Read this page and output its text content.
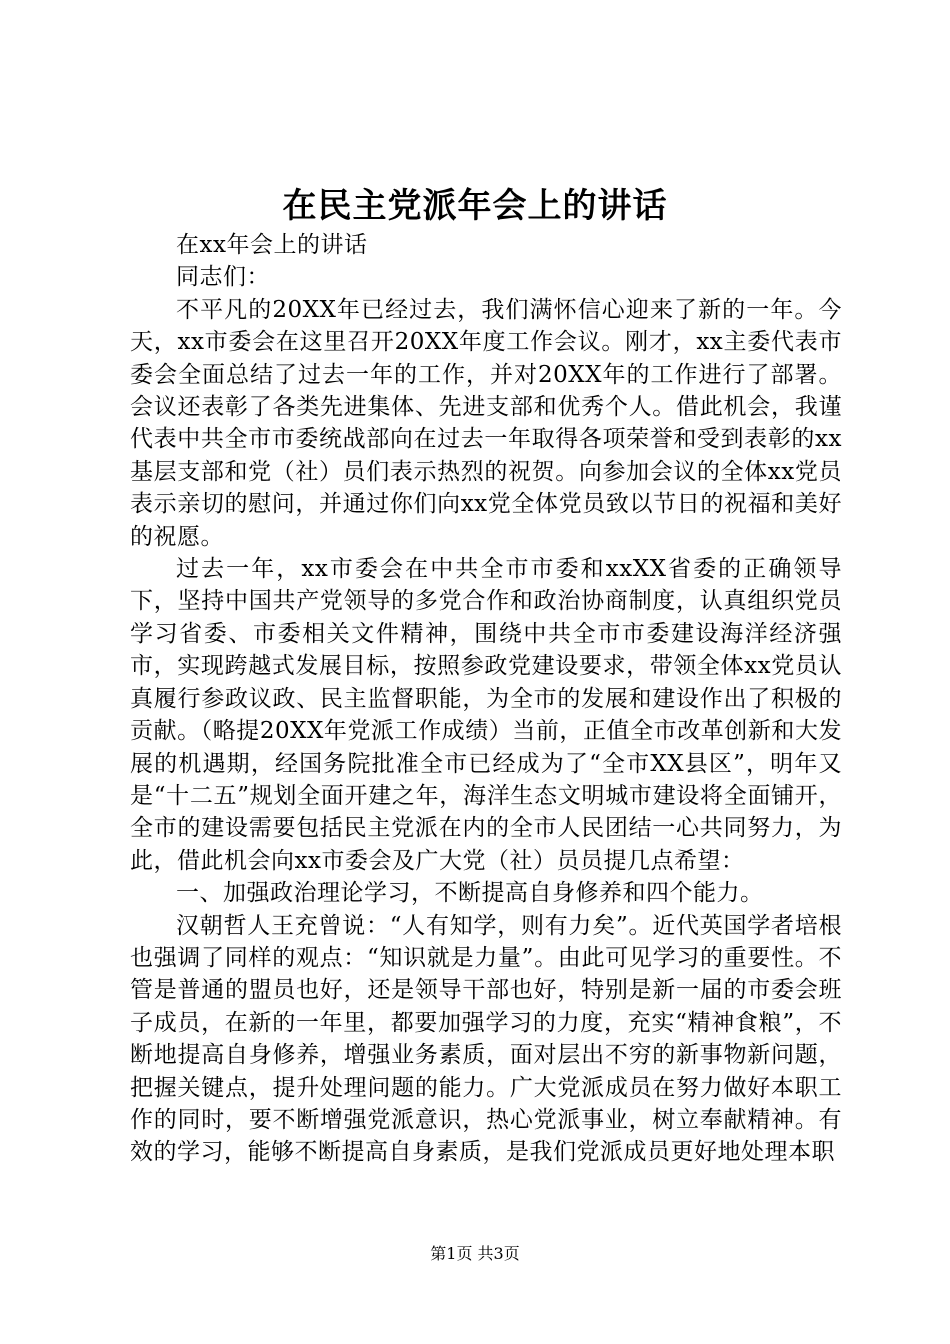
在民主党派年会上的讲话

在xx年会上的讲话

同志们：

不平凡的20XX年已经过去，我们满怀信心迎来了新的一年。今天，xx市委会在这里召开20XX年度工作会议。刚才，xx主委代表市委会全面总结了过去一年的工作，并对20XX年的工作进行了部署。会议还表彰了各类先进集体、先进支部和优秀个人。借此机会，我谨代表中共全市市委统战部向在过去一年取得各项荣誉和受到表彰的xx基层支部和党（社）员们表示热烈的祝贺。向参加会议的全体xx党员表示亲切的慰问，并通过你们向xx党全体党员致以节日的祝福和美好的祝愿。

过去一年，xx市委会在中共全市市委和xxXX省委的正确领导下，坚持中国共产党领导的多党合作和政治协商制度，认真组织党员学习省委、市委相关文件精神，围绕中共全市市委建设海洋经济强市，实现跨越式发展目标，按照参政党建设要求，带领全体xx党员认真履行参政议政、民主监督职能，为全市的发展和建设作出了积极的贡献。（略提20XX年党派工作成绩）当前，正值全市改革创新和大发展的机遇期，经国务院批准全市已经成为了“全市XX县区”，明年又是“十二五”规划全面开建之年，海洋生态文明城市建设将全面铺开，全市的建设需要包括民主党派在内的全市人民团结一心共同努力，为此，借此机会向xx市委会及广大党（社）员员提几点希望：

一、加强政治理论学习，不断提高自身修养和四个能力。

汉朝哲人王充曾说：“人有知学，则有力矣”。近代英国学者培根也强调了同样的观点：“知识就是力量”。由此可见学习的重要性。不管是普通的盟员也好，还是领导干部也好，特别是新一届的市委会班子成员，在新的一年里，都要加强学习的力度，充实“精神食粮”，不断地提高自身修养，增强业务素质，面对层出不穷的新事物新问题，把握关键点，提升处理问题的能力。广大党派成员在努力做好本职工作的同时，要不断增强党派意识，热心党派事业，树立奉献精神。有效的学习，能够不断提高自身素质，是我们党派成员更好地处理本职

第1页 共3页
